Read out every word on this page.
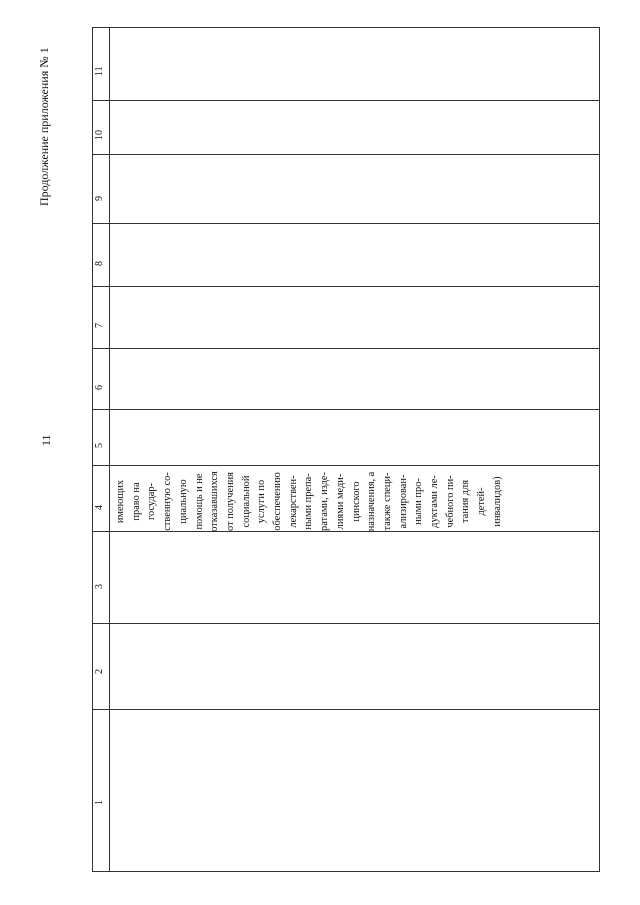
Продолжение приложения № 1
11
1
2
3
4
5
6
7
8
9
10
11
имеющих право на государ- ственную со- циальную помощь и не отказавшихся от получения социальной услуги по обеспечению лекарствен- ными препа- ратами, изде- лиями меди- цинского назначения, а также специ- ализирован- ными про- дуктами ле- чебного пи- тания для детей- инвалидов)
